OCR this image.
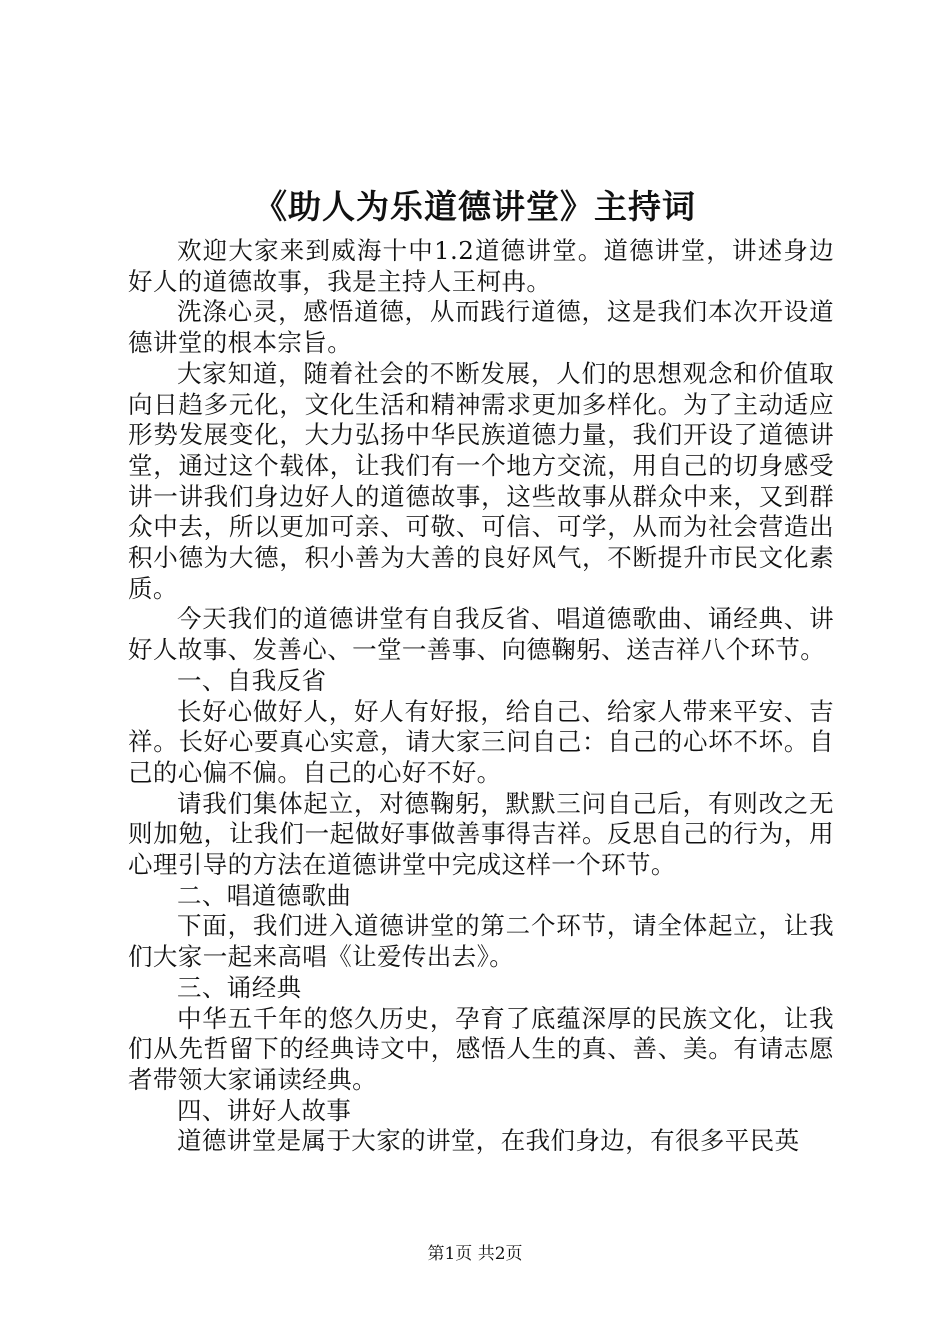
《助人为乐道德讲堂》主持词

欢迎大家来到威海十中1.2道德讲堂。道德讲堂，讲述身边好人的道德故事，我是主持人王柯冉。

洗涤心灵，感悟道德，从而践行道德，这是我们本次开设道德讲堂的根本宗旨。

大家知道，随着社会的不断发展，人们的思想观念和价值取向日趋多元化，文化生活和精神需求更加多样化。为了主动适应形势发展变化，大力弘扬中华民族道德力量，我们开设了道德讲堂，通过这个载体，让我们有一个地方交流，用自己的切身感受讲一讲我们身边好人的道德故事，这些故事从群众中来，又到群众中去，所以更加可亲、可敬、可信、可学，从而为社会营造出积小德为大德，积小善为大善的良好风气，不断提升市民文化素质。

今天我们的道德讲堂有自我反省、唱道德歌曲、诵经典、讲好人故事、发善心、一堂一善事、向德鞠躬、送吉祥八个环节。

一、自我反省

长好心做好人，好人有好报，给自己、给家人带来平安、吉祥。长好心要真心实意，请大家三问自己：自己的心坏不坏。自己的心偏不偏。自己的心好不好。

请我们集体起立，对德鞠躬，默默三问自己后，有则改之无则加勉，让我们一起做好事做善事得吉祥。反思自己的行为，用心理引导的方法在道德讲堂中完成这样一个环节。

二、唱道德歌曲

下面，我们进入道德讲堂的第二个环节，请全体起立，让我们大家一起来高唱《让爱传出去》。

三、诵经典

中华五千年的悠久历史，孕育了底蕴深厚的民族文化，让我们从先哲留下的经典诗文中，感悟人生的真、善、美。有请志愿者带领大家诵读经典。

四、讲好人故事

道德讲堂是属于大家的讲堂，在我们身边，有很多平民英

第1页 共2页
